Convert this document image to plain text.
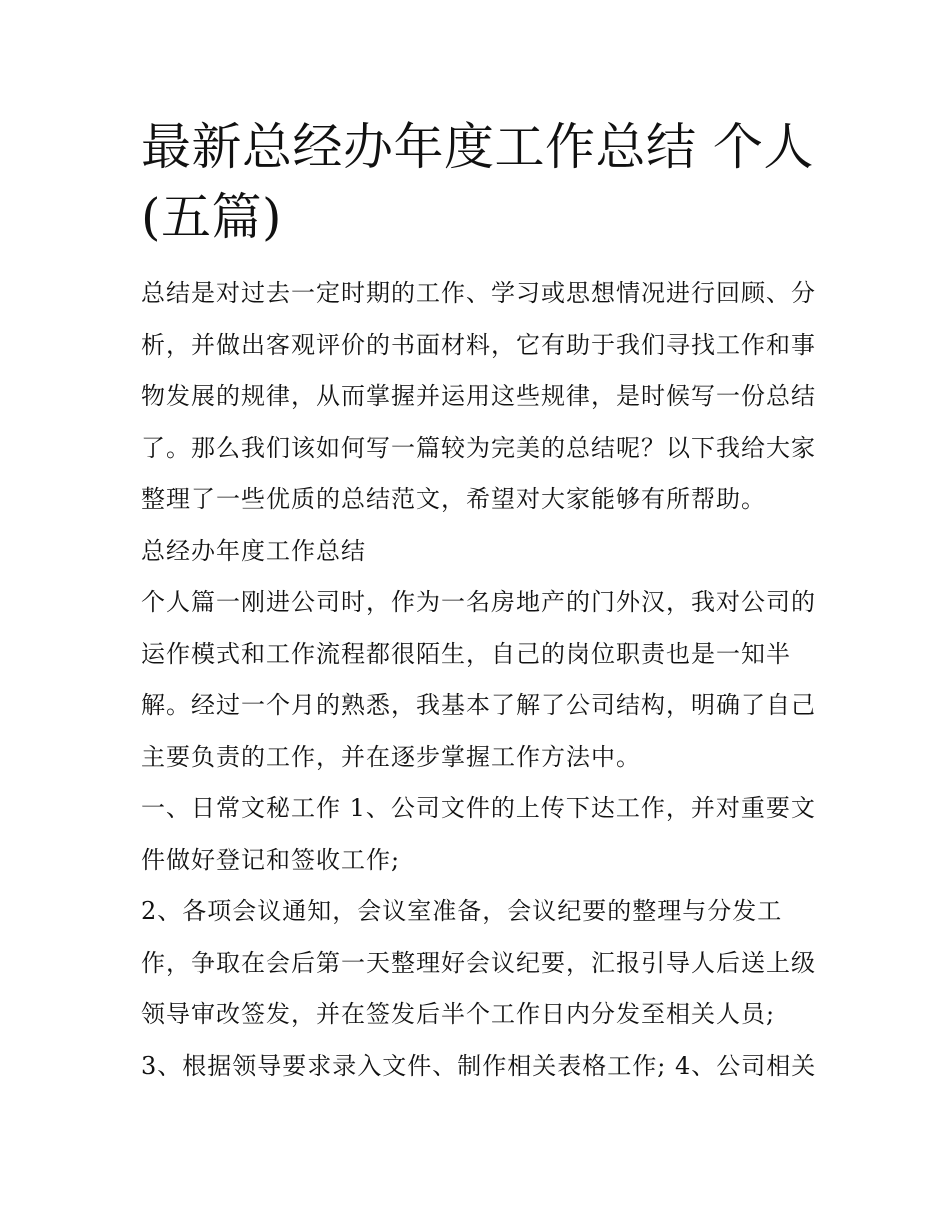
最新总经办年度工作总结 个人
(五篇)
总结是对过去一定时期的工作、学习或思想情况进行回顾、分
析，并做出客观评价的书面材料，它有助于我们寻找工作和事
物发展的规律，从而掌握并运用这些规律，是时候写一份总结
了。那么我们该如何写一篇较为完美的总结呢？以下我给大家
整理了一些优质的总结范文，希望对大家能够有所帮助。
总经办年度工作总结
个人篇一刚进公司时，作为一名房地产的门外汉，我对公司的
运作模式和工作流程都很陌生，自己的岗位职责也是一知半
解。经过一个月的熟悉，我基本了解了公司结构，明确了自己
主要负责的工作，并在逐步掌握工作方法中。
一、日常文秘工作 1、公司文件的上传下达工作，并对重要文
件做好登记和签收工作;
2、各项会议通知，会议室准备，会议纪要的整理与分发工
作，争取在会后第一天整理好会议纪要，汇报引导人后送上级
领导审改签发，并在签发后半个工作日内分发至相关人员;
3、根据领导要求录入文件、制作相关表格工作; 4、公司相关
